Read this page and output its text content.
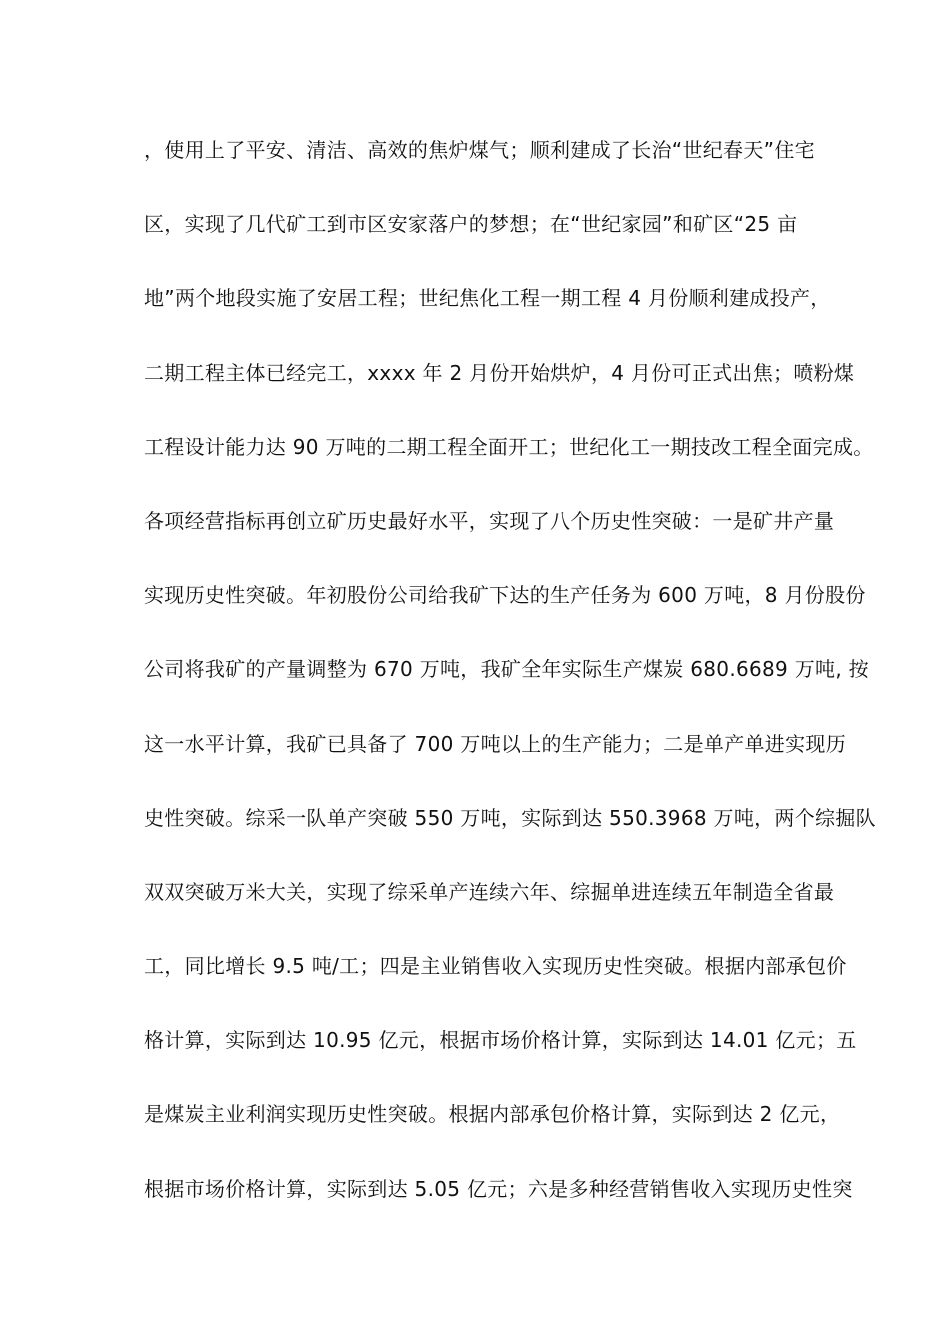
，使用上了平安、清洁、高效的焦炉煤气；顺利建成了长治“世纪春天”住宅
区，实现了几代矿工到市区安家落户的梦想；在“世纪家园”和矿区“25 亩
地”两个地段实施了安居工程；世纪焦化工程一期工程 4 月份顺利建成投产，
二期工程主体已经完工，xxxx 年 2 月份开始烘炉，4 月份可正式出焦；喷粉煤
工程设计能力达 90 万吨的二期工程全面开工；世纪化工一期技改工程全面完成。
各项经营指标再创立矿历史最好水平，实现了八个历史性突破：一是矿井产量
实现历史性突破。年初股份公司给我矿下达的生产任务为 600 万吨，8 月份股份
公司将我矿的产量调整为 670 万吨，我矿全年实际生产煤炭 680.6689 万吨, 按
这一水平计算，我矿已具备了 700 万吨以上的生产能力；二是单产单进实现历
史性突破。综采一队单产突破 550 万吨，实际到达 550.3968 万吨，两个综掘队
双双突破万米大关，实现了综采单产连续六年、综掘单进连续五年制造全省最
工，同比增长 9.5 吨/工；四是主业销售收入实现历史性突破。根据内部承包价
格计算，实际到达 10.95 亿元，根据市场价格计算，实际到达 14.01 亿元；五
是煤炭主业利润实现历史性突破。根据内部承包价格计算，实际到达 2 亿元，
根据市场价格计算，实际到达 5.05 亿元；六是多种经营销售收入实现历史性突
